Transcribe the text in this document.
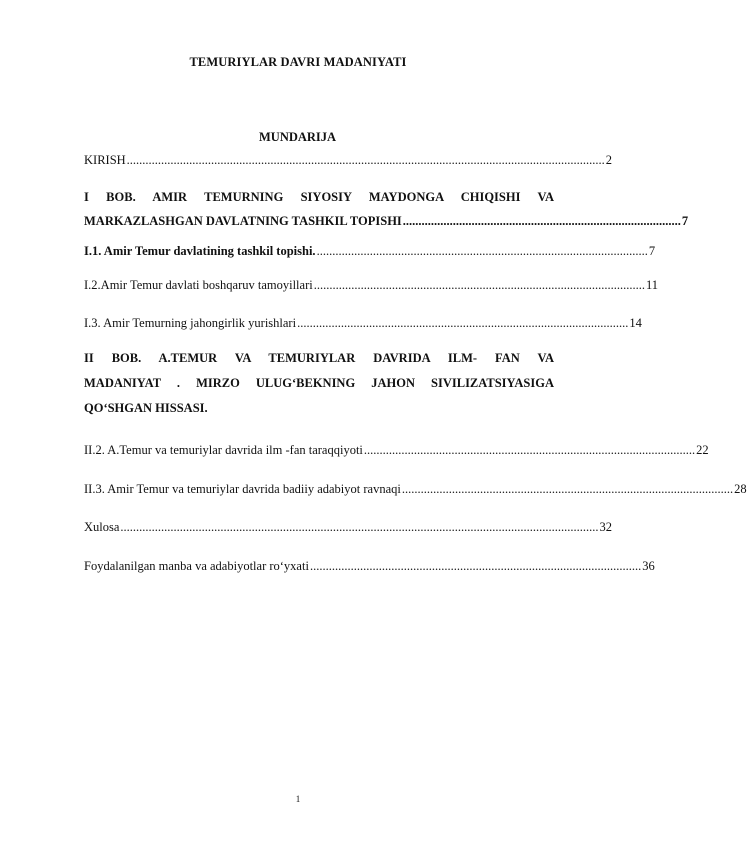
TEMURIYLAR DAVRI MADANIYATI
MUNDARIJA
KIRISH ......................................................................................................................................................... 2
I BOB. AMIR TEMURNING SIYOSIY MAYDONGA CHIQISHI VA
MARKAZLASHGAN DAVLATNING TASHKIL TOPISHI ......................................................................................... 7
I.1. Amir Temur davlatining tashkil topishi. .......................................................................................................... 7
I.2.Amir Temur davlati boshqaruv tamoyillari .......................................................................................................... 11
I.3. Amir Temurning jahongirlik yurishlari .......................................................................................................... 14
II BOB. A.TEMUR VA TEMURIYLAR DAVRIDA ILM- FAN VA
MADANIYAT . MIRZO ULUG‘BEKNING JAHON SIVILIZATSIYASIGA
QO‘SHGAN HISSASI.
II.2. A.Temur va temuriylar davrida ilm -fan taraqqiyoti .......................................................................................................... 22
II.3. Amir Temur va temuriylar davrida badiiy adabiyot ravnaqi .......................................................................................................... 28
Xulosa ......................................................................................................................................................... 32
Foydalanilgan manba va adabiyotlar ro‘yxati .......................................................................................................... 36
1
